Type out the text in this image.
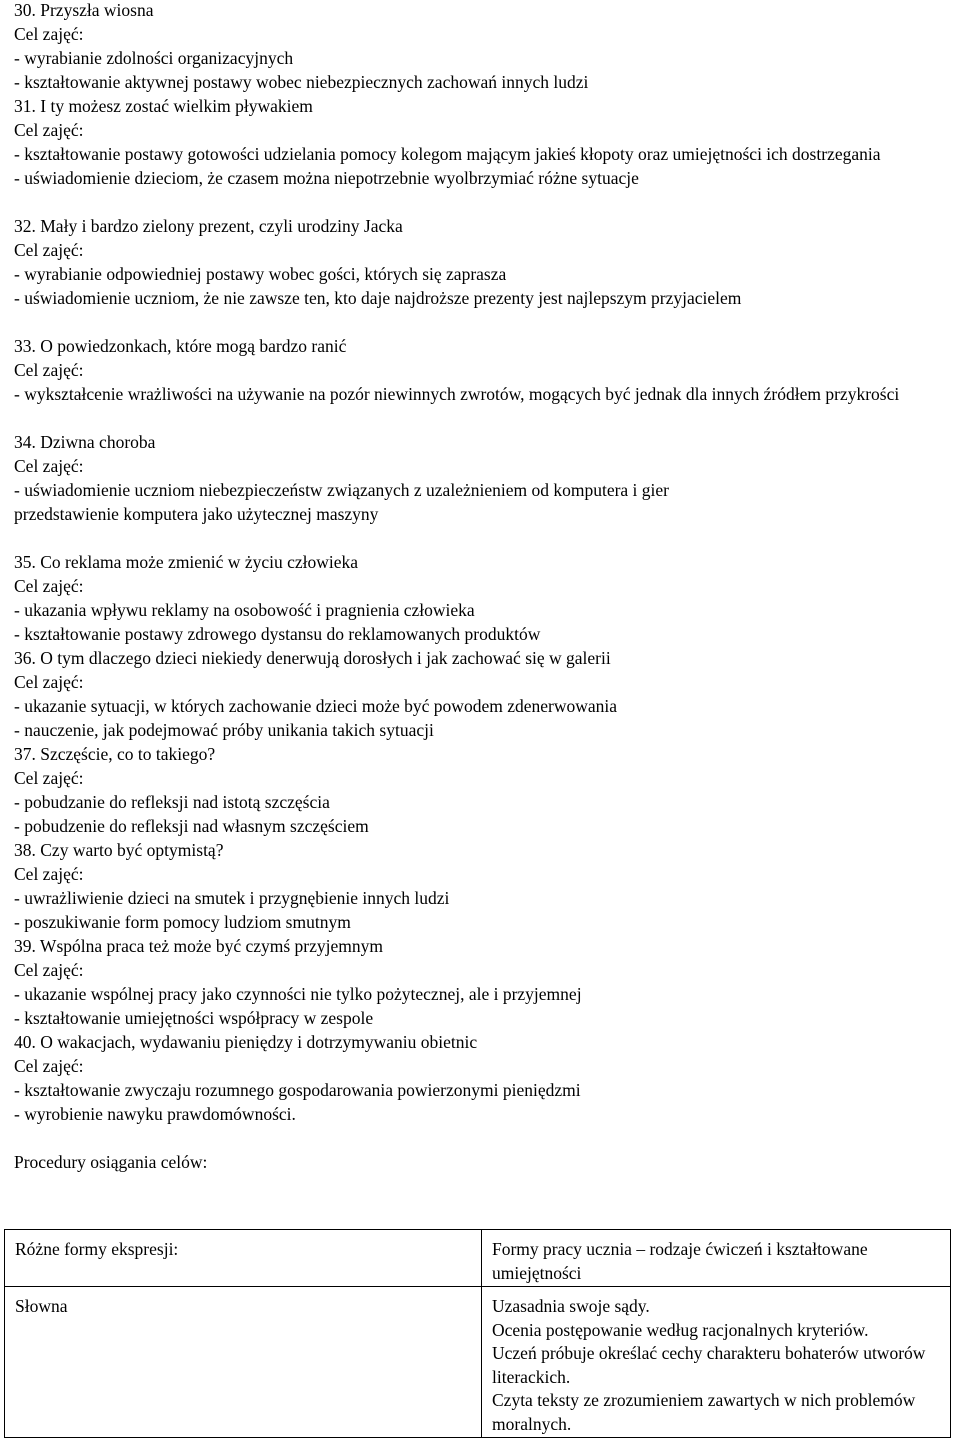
30. Przyszła wiosna
Cel zajęć:
- wyrabianie zdolności organizacyjnych
- kształtowanie aktywnej postawy wobec niebezpiecznych zachowań innych ludzi
31. I ty możesz zostać wielkim pływakiem
Cel zajęć:
- kształtowanie postawy gotowości udzielania pomocy kolegom mającym jakieś kłopoty oraz umiejętności ich dostrzegania
- uświadomienie dzieciom, że czasem można niepotrzebnie wyolbrzymiać różne sytuacje
32. Mały i bardzo zielony prezent, czyli urodziny Jacka
Cel zajęć:
- wyrabianie odpowiedniej postawy wobec gości, których się zaprasza
- uświadomienie uczniom, że nie zawsze ten, kto daje najdroższe prezenty jest najlepszym przyjacielem
33. O powiedzonkach, które mogą bardzo ranić
Cel zajęć:
- wykształcenie wrażliwości na używanie na pozór niewinnych zwrotów, mogących być jednak dla innych źródłem przykrości
34. Dziwna choroba
Cel zajęć:
- uświadomienie uczniom niebezpieczeństw związanych z uzależnieniem od komputera i gier
przedstawienie komputera jako użytecznej maszyny
35. Co reklama może zmienić w życiu człowieka
Cel zajęć:
- ukazania wpływu reklamy na osobowość i pragnienia człowieka
- kształtowanie postawy zdrowego dystansu do reklamowanych produktów
36. O tym dlaczego dzieci niekiedy denerwują dorosłych i jak zachować się w galerii
Cel zajęć:
- ukazanie sytuacji, w których zachowanie dzieci może być powodem zdenerwowania
- nauczenie, jak podejmować próby unikania takich sytuacji
37. Szczęście, co to takiego?
Cel zajęć:
- pobudzanie do refleksji nad istotą szczęścia
- pobudzenie do refleksji nad własnym szczęściem
38. Czy warto być optymistą?
Cel zajęć:
- uwrażliwienie dzieci na smutek i przygnębienie innych ludzi
- poszukiwanie form pomocy ludziom smutnym
39. Wspólna praca też może być czymś przyjemnym
Cel zajęć:
- ukazanie wspólnej pracy jako czynności nie tylko pożytecznej, ale i przyjemnej
- kształtowanie umiejętności współpracy w zespole
40. O wakacjach, wydawaniu pieniędzy i dotrzymywaniu obietnic
Cel zajęć:
- kształtowanie zwyczaju rozumnego gospodarowania powierzonymi pieniędzmi
- wyrobienie nawyku prawdomówności.
Procedury osiągania celów:
Różne formy ekspresji:	Formy pracy ucznia – rodzaje ćwiczeń i kształtowane umiejętności
Słowna	Uzasadnia swoje sądy.
Ocenia postępowanie według racjonalnych kryteriów.
Uczeń próbuje określać cechy charakteru bohaterów utworów literackich.
Czyta teksty ze zrozumieniem zawartych w nich problemów moralnych.
